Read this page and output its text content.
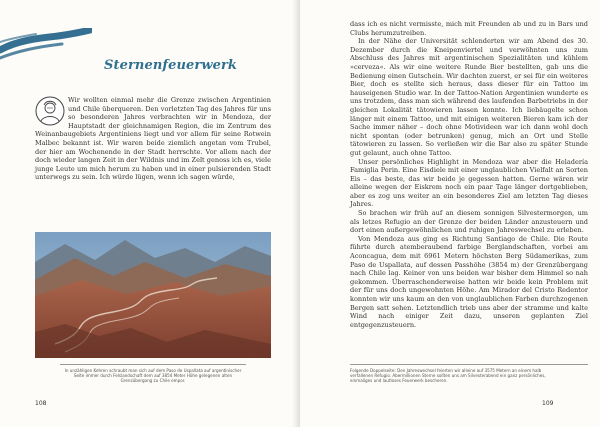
Sternenfeuerwerk
Wir wollten einmal mehr die Grenze zwischen Argentinien und Chile überqueren. Den vorletzten Tag des Jahres für uns so besonderen Jahres verbrachten wir in Mendoza, der Hauptstadt der gleichnamigen Region, die im Zentrum des Weinanbaugebiets Argentiniens liegt und vor allem für seine Rotwein Malbec bekannt ist. Wir waren beide ziemlich angetan vom Trubel, der hier am Wochenende in der Stadt herrschte. Vor allem nach der doch wieder langen Zeit in der Wildnis und im Zelt genoss ich es, viele junge Leute um mich herum zu haben und in einer pulsierenden Stadt unterwegs zu sein. Ich würde lügen, wenn ich sagen würde,
In unzähligen Kehren schraubt man sich auf dem Paso de Uspallata auf argentinischer Seite immer durch Felslandschaft dem auf 3854 Meter Höhe gelegenen alten Grenzübergang zu Chile empor.
108

dass ich es nicht vermisste, mich mit Freunden ab und zu in Bars und Clubs herumzutreiben.

In der Nähe der Universität schlenderten wir am Abend des 30. Dezember durch die Kneipenviertel und verwöhnten uns zum Abschluss des Jahres mit argentinischen Spezialitäten und kühlem »cerveza«. Als wir eine weitere Runde Bier bestellten, gab uns die Bedienung einen Gutschein. Wir dachten zuerst, er sei für ein weiteres Bier, doch es stellte sich heraus, dass dieser für ein Tattoo im hauseigenen Studio war. In der Tattoo-Nation Argentinien wunderte es uns trotzdem, dass man sich während des laufenden Barbetriebs in der gleichen Lokalität tätowieren lassen konnte. Ich liebäugelte schon länger mit einem Tattoo, und mit einigen weiteren Bieren kam ich der Sache immer näher – doch ohne Motivideen war ich dann wohl doch nicht spontan (oder betrunken) genug, mich an Ort und Stelle tätowieren zu lassen. So verließen wir die Bar also zu später Stunde gut gelaunt, auch ohne Tattoo.

Unser persönliches Highlight in Mendoza war aber die Heladería Famiglia Perin. Eine Eisdiele mit einer unglaublichen Vielfalt an Sorten Eis – das beste, das wir beide je gegessen hatten. Gerne wären wir alleine wegen der Eiskrem noch ein paar Tage länger dortgeblieben, aber es zog uns weiter an ein besonderes Ziel am letzten Tag dieses Jahres.

So brachen wir früh auf an diesem sonnigen Silvestermorgen, um als letzes Refugio an der Grenze der beiden Länder anzusteuern und dort einen außergewöhnlichen und ruhigen Jahreswechsel zu erleben.

Von Mendoza aus ging es Richtung Santiago de Chile. Die Route führte durch atemberaubend farbige Berglandschaften, vorbei am Aconcagua, dem mit 6961 Metern höchsten Berg Südamerikas, zum Paso de Uspallata, auf dessen Passhöhe (3854 m) der Grenzübergang nach Chile lag. Keiner von uns beiden war bisher dem Himmel so nah gekommen. Überraschenderweise hatten wir beide kein Problem mit der für uns doch ungewohnten Höhe. Am Mirador del Cristo Redentor konnten wir uns kaum an den von unglaublichen Farben durchzogenen Bergen satt sehen. Letztendlich trieb uns aber der stramme und kalte Wind nach einiger Zeit dazu, unseren geplanten Ziel entgegenzusteuern.

Folgende Doppelseite: Den Jahreswechsel feierten wir alleine auf 3575 Metern an einem halb verfallenen Refugio. Abermillionen Sterne sollten uns am Silvesterabend ein ganz persönliches, einmaliges und lautloses Feuerwerk bescheren.
109
